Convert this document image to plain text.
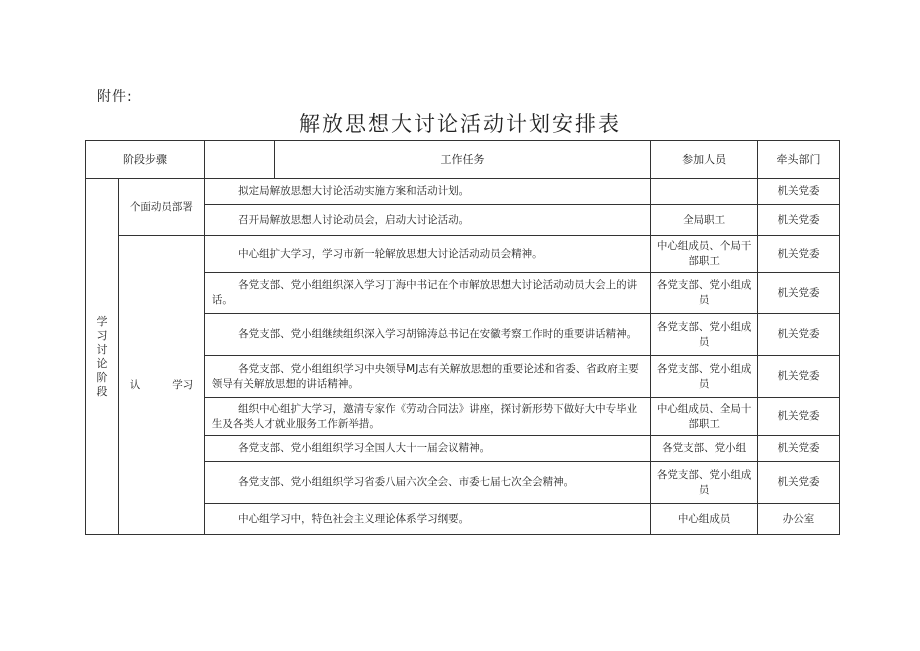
附件:
解放思想大讨论活动计划安排表
阶段步骤			工作任务	参加人员	牵头部门

学习讨论阶段	个面动员部署	拟定局解放思想大讨论活动实施方案和活动计划。			机关党委

		召开局解放思想人讨论动员会，启动大讨论活动。		全局职工	机关党委
	认 学习	中心组扩大学习，学习市新一轮解放思想大讨论活动动员会精神。		中心组成员、个局干部职工	机关党委

		各党支部、党小组组织深入学习丁海中书记在个市解放思想大讨论活动动员大会上的讲话。		各党支部、党小组成员	机关党委

		各党支部、党小组继续组织深入学习胡锦涛总书记在安徽考察工作时的重要讲话精神。		各党支部、党小组成员	机关党委

		各党支部、党小组组织学习中央领导MJ志有关解放思想的重要论述和省委、省政府主要领导有关解放思想的讲话精神。		各党支部、党小组成员	机关党委

		组织中心组扩大学习，邀清专家作《劳动合同法》讲座，探讨新形势下做好大中专毕业生及各类人才就业服务工作新举措。		中心组成员、全局十部职工	机关党委

		各党支部、党小组组织学习全国人大十一届会议精神。		各党支部、党小组	机关党委

		各党支部、党小组组织学习省委八届六次全会、市委七届七次全会精神。		各党支部、党小组成员	机关党委

		中心组学习中，特色社会主义理论体系学习纲要。		中心组成员	办公室
